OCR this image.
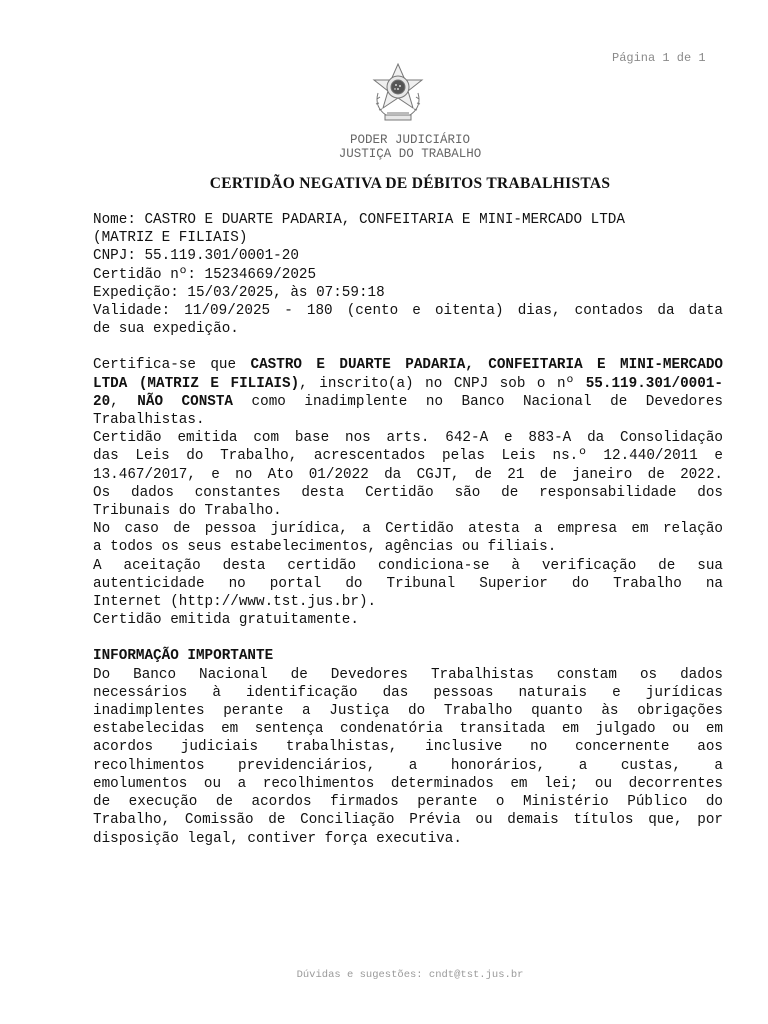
Página 1 de 1
PODER JUDICIÁRIO
JUSTIÇA DO TRABALHO
CERTIDÃO NEGATIVA DE DÉBITOS TRABALHISTAS
Nome: CASTRO E DUARTE PADARIA, CONFEITARIA E MINI-MERCADO LTDA
(MATRIZ E FILIAIS)
CNPJ: 55.119.301/0001-20
Certidão nº: 15234669/2025
Expedição: 15/03/2025, às 07:59:18
Validade: 11/09/2025 - 180 (cento e oitenta) dias, contados da data
de sua expedição.
Certifica-se que CASTRO E DUARTE PADARIA, CONFEITARIA E MINI-MERCADO
LTDA (MATRIZ E FILIAIS), inscrito(a) no CNPJ sob o nº 55.119.301/0001-
20, NÃO CONSTA como inadimplente no Banco Nacional de Devedores
Trabalhistas.
Certidão emitida com base nos arts. 642-A e 883-A da Consolidação
das Leis do Trabalho, acrescentados pelas Leis ns.º 12.440/2011 e
13.467/2017, e no Ato 01/2022 da CGJT, de 21 de janeiro de 2022.
Os dados constantes desta Certidão são de responsabilidade dos
Tribunais do Trabalho.
No caso de pessoa jurídica, a Certidão atesta a empresa em relação
a todos os seus estabelecimentos, agências ou filiais.
A aceitação desta certidão condiciona-se à verificação de sua
autenticidade no portal do Tribunal Superior do Trabalho na
Internet (http://www.tst.jus.br).
Certidão emitida gratuitamente.
INFORMAÇÃO IMPORTANTE
Do Banco Nacional de Devedores Trabalhistas constam os dados
necessários à identificação das pessoas naturais e jurídicas
inadimplentes perante a Justiça do Trabalho quanto às obrigações
estabelecidas em sentença condenatória transitada em julgado ou em
acordos judiciais trabalhistas, inclusive no concernente aos
recolhimentos previdenciários, a honorários, a custas, a
emolumentos ou a recolhimentos determinados em lei; ou decorrentes
de execução de acordos firmados perante o Ministério Público do
Trabalho, Comissão de Conciliação Prévia ou demais títulos que, por
disposição legal, contiver força executiva.
Dúvidas e sugestões: cndt@tst.jus.br
